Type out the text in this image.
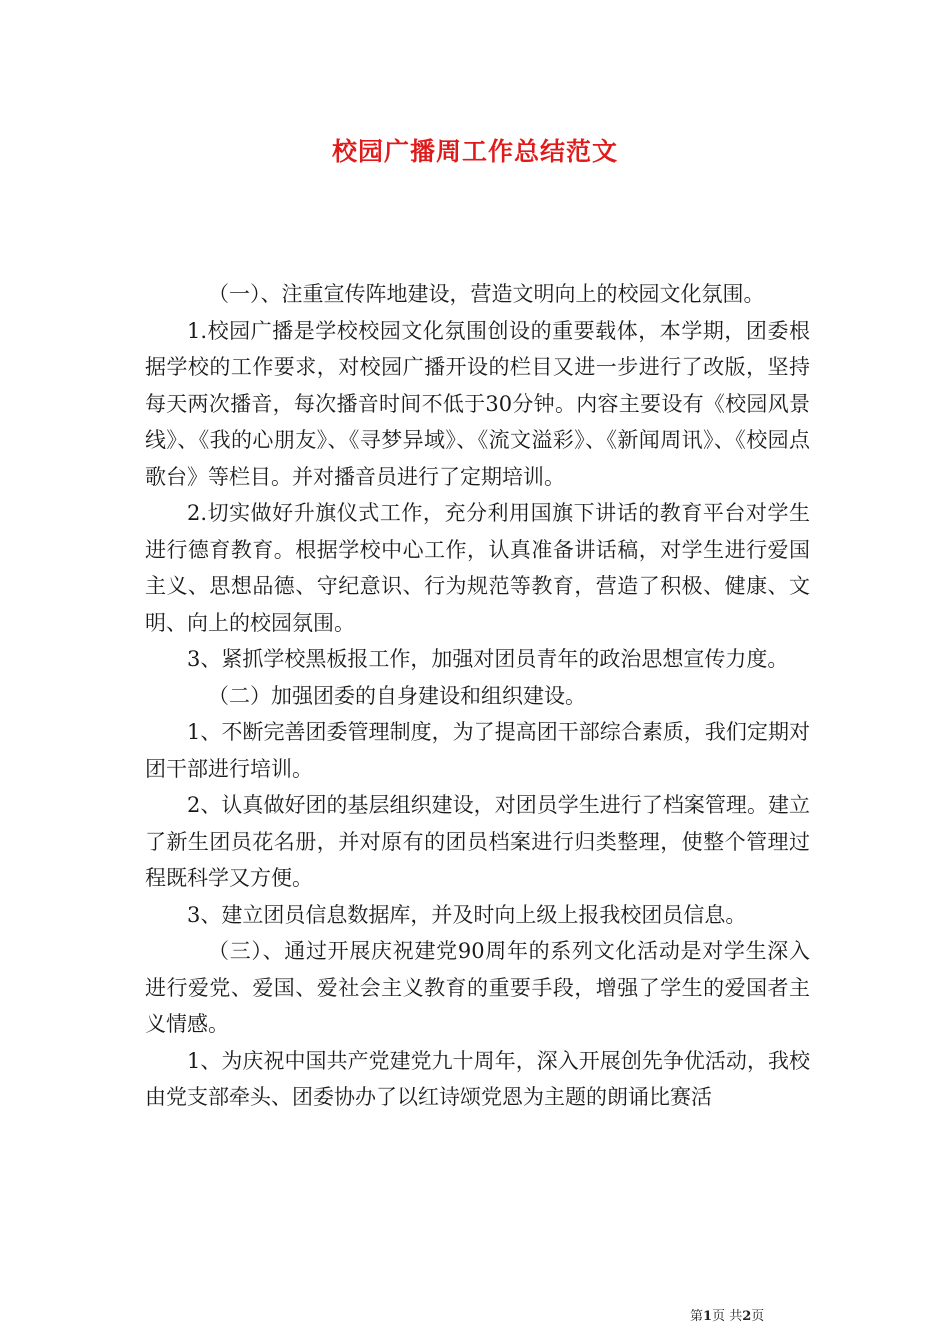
校园广播周工作总结范文

（一）、注重宣传阵地建设，营造文明向上的校园文化氛围。

1.校园广播是学校校园文化氛围创设的重要载体，本学期，团委根据学校的工作要求，对校园广播开设的栏目又进一步进行了改版，坚持每天两次播音，每次播音时间不低于30分钟。内容主要设有《校园风景线》、《我的心朋友》、《寻梦异域》、《流文溢彩》、《新闻周讯》、《校园点歌台》等栏目。并对播音员进行了定期培训。

2.切实做好升旗仪式工作，充分利用国旗下讲话的教育平台对学生进行德育教育。根据学校中心工作，认真准备讲话稿，对学生进行爱国主义、思想品德、守纪意识、行为规范等教育，营造了积极、健康、文明、向上的校园氛围。

3、紧抓学校黑板报工作，加强对团员青年的政治思想宣传力度。

（二）加强团委的自身建设和组织建设。

1、不断完善团委管理制度，为了提高团干部综合素质，我们定期对团干部进行培训。

2、认真做好团的基层组织建设，对团员学生进行了档案管理。建立了新生团员花名册，并对原有的团员档案进行归类整理，使整个管理过程既科学又方便。

3、建立团员信息数据库，并及时向上级上报我校团员信息。

（三）、通过开展庆祝建党90周年的系列文化活动是对学生深入进行爱党、爱国、爱社会主义教育的重要手段，增强了学生的爱国者主义情感。

1、为庆祝中国共产党建党九十周年，深入开展创先争优活动，我校由党支部牵头、团委协办了以红诗颂党恩为主题的朗诵比赛活

第1页 共2页
